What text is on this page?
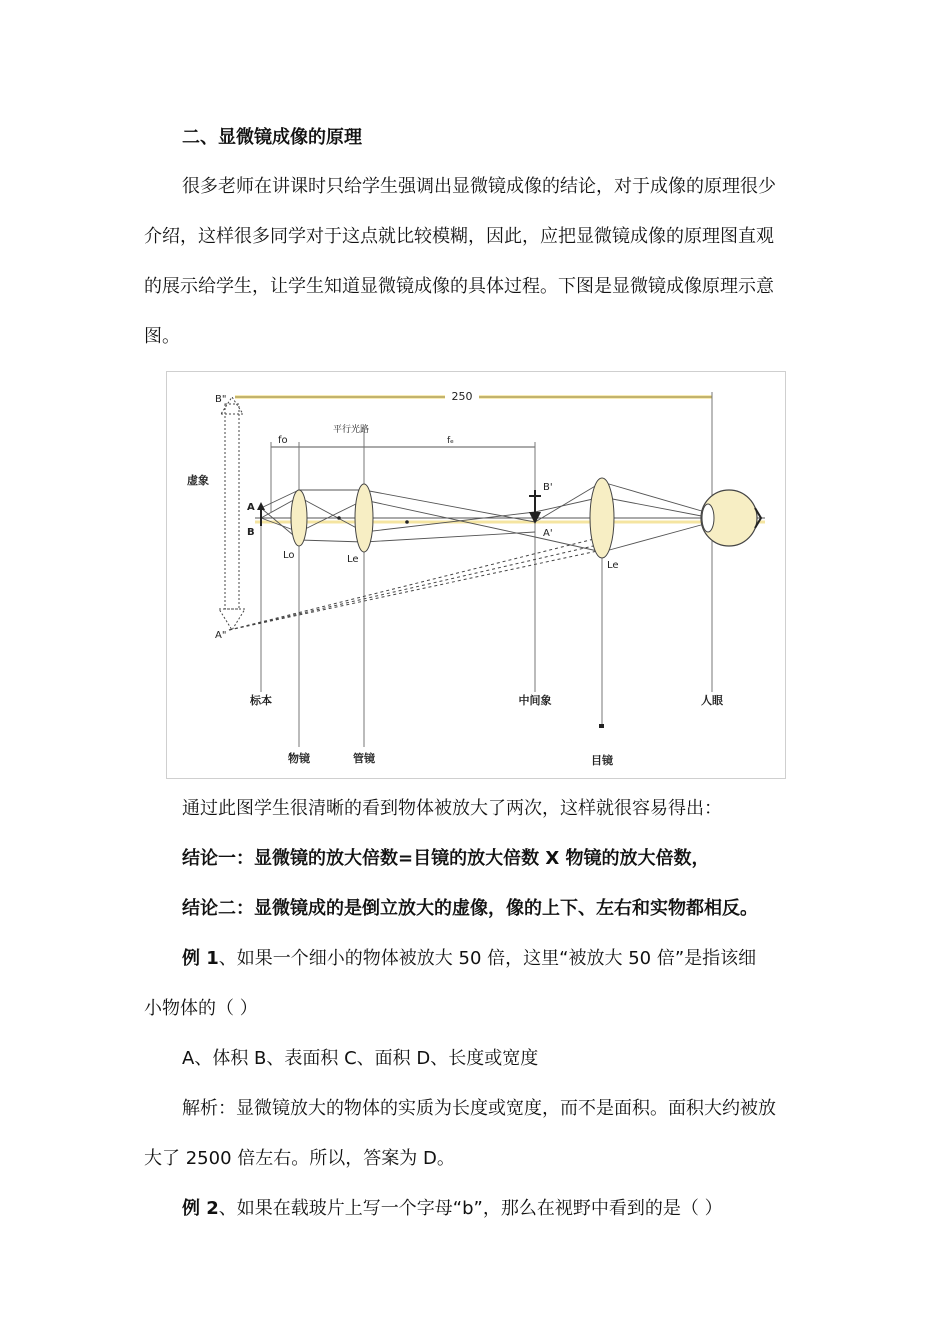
二、显微镜成像的原理

很多老师在讲课时只给学生强调出显微镜成像的结论，对于成像的原理很少

介绍，这样很多同学对于这点就比较模糊，因此，应把显微镜成像的原理图直观

的展示给学生，让学生知道显微镜成像的具体过程。下图是显微镜成像原理示意

图。

250
fo
平行光路
fₑ
B"
A"
虚象
A
B
Lo	Le
Le
B'
A'
标本
物镜	管镜
中间象
目镜
人眼

通过此图学生很清晰的看到物体被放大了两次，这样就很容易得出：

结论一：显微镜的放大倍数=目镜的放大倍数 X 物镜的放大倍数，

结论二：显微镜成的是倒立放大的虚像，像的上下、左右和实物都相反。

例 1、如果一个细小的物体被放大 50 倍，这里“被放大 50 倍”是指该细

小物体的（ ）

A、体积 B、表面积 C、面积 D、长度或宽度

解析：显微镜放大的物体的实质为长度或宽度，而不是面积。面积大约被放

大了 2500 倍左右。所以，答案为 D。

例 2、如果在载玻片上写一个字母“b”，那么在视野中看到的是（ ）
